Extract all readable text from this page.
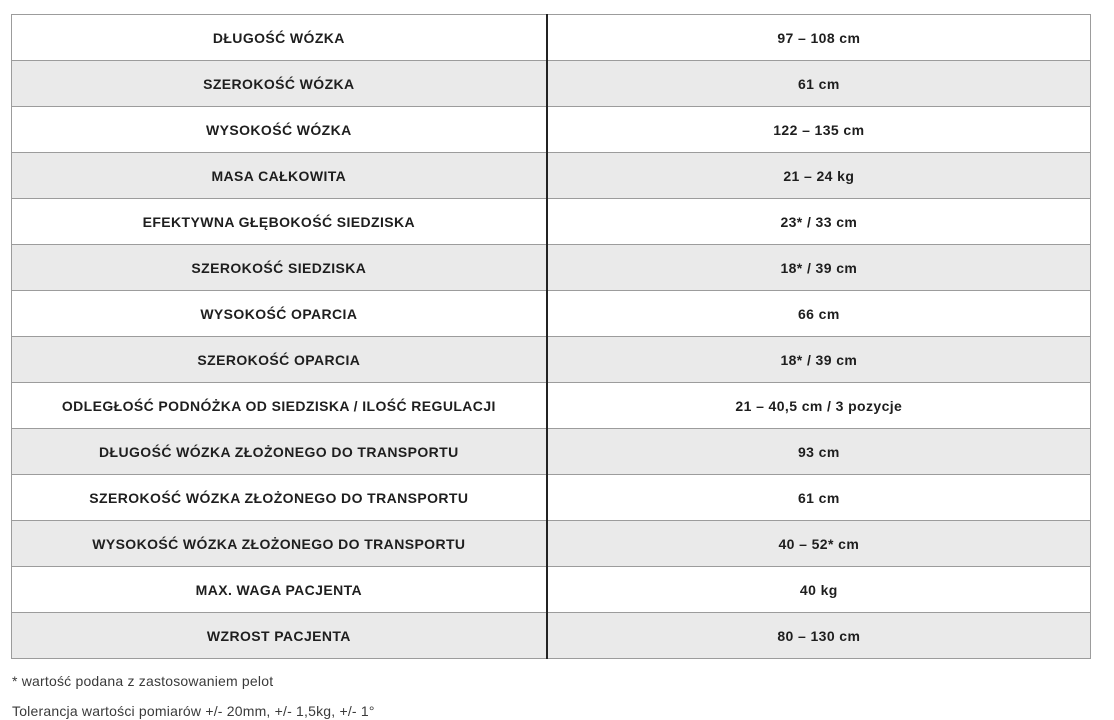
DŁUGOŚĆ WÓZKA	97 – 108 cm
SZEROKOŚĆ WÓZKA	61 cm
WYSOKOŚĆ WÓZKA	122 – 135 cm
MASA CAŁKOWITA	21 – 24 kg
EFEKTYWNA GŁĘBOKOŚĆ SIEDZISKA	23* / 33 cm
SZEROKOŚĆ SIEDZISKA	18* / 39 cm
WYSOKOŚĆ OPARCIA	66 cm
SZEROKOŚĆ OPARCIA	18* / 39 cm
ODLEGŁOŚĆ PODNÓŻKA OD SIEDZISKA / ILOŚĆ REGULACJI	21 – 40,5 cm / 3 pozycje
DŁUGOŚĆ WÓZKA ZŁOŻONEGO DO TRANSPORTU	93 cm
SZEROKOŚĆ WÓZKA ZŁOŻONEGO DO TRANSPORTU	61 cm
WYSOKOŚĆ WÓZKA ZŁOŻONEGO DO TRANSPORTU	40 – 52* cm
MAX. WAGA PACJENTA	40 kg
WZROST PACJENTA	80 – 130 cm

* wartość podana z zastosowaniem pelot

Tolerancja wartości pomiarów +/- 20mm, +/- 1,5kg, +/- 1°
